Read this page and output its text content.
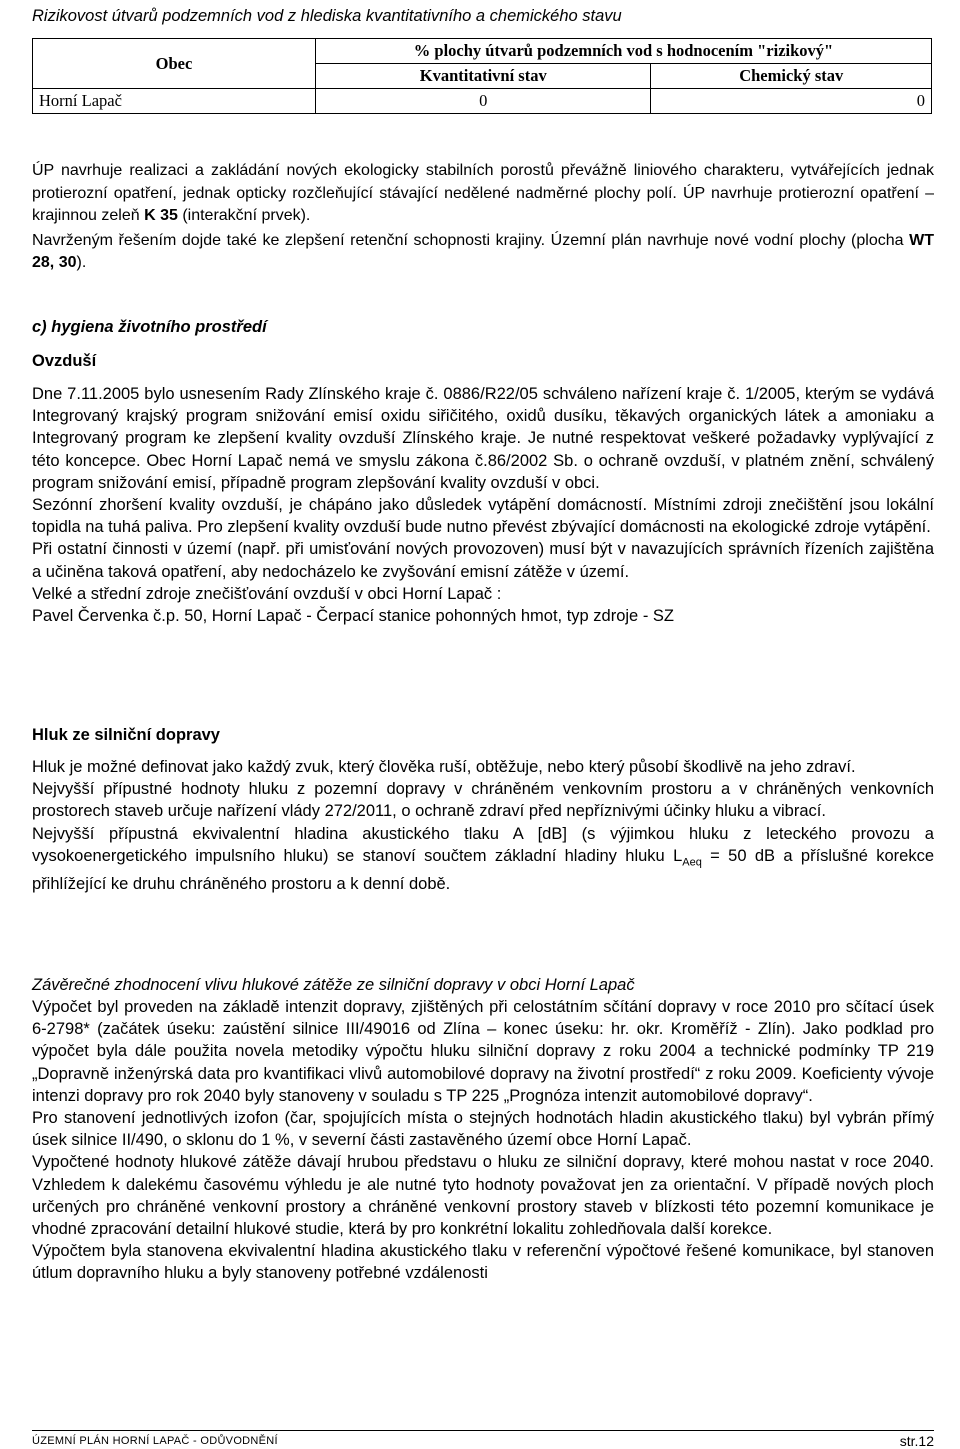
Rizikovost útvarů podzemních vod z hlediska kvantitativního a chemického stavu
Obec	% plochy útvarů podzemních vod s hodnocením "rizikový"	
	Kvantitativní stav	Chemický stav
Horní Lapač	0	0

ÚP navrhuje realizaci a zakládání nových ekologicky stabilních porostů převážně liniového charakteru, vytvářejících jednak protierozní opatření, jednak opticky rozčleňující stávající nedělené nadměrné plochy polí. ÚP navrhuje protierozní opatření – krajinnou zeleň K 35 (interakční prvek).

Navrženým řešením dojde také ke zlepšení retenční schopnosti krajiny. Územní plán navrhuje nové vodní plochy (plocha WT 28, 30).

c) hygiena životního prostředí

Ovzduší

Dne 7.11.2005 bylo usnesením Rady Zlínského kraje č. 0886/R22/05 schváleno nařízení kraje č. 1/2005, kterým se vydává Integrovaný krajský program snižování emisí oxidu siřičitého, oxidů dusíku, těkavých organických látek a amoniaku a Integrovaný program ke zlepšení kvality ovzduší Zlínského kraje. Je nutné respektovat veškeré požadavky vyplývající z této koncepce. Obec Horní Lapač nemá ve smyslu zákona č.86/2002 Sb. o ochraně ovzduší, v platném znění, schválený program snižování emisí, případně program zlepšování kvality ovzduší v obci.

Sezónní zhoršení kvality ovzduší, je chápáno jako důsledek vytápění domácností. Místními zdroji znečištění jsou lokální topidla na tuhá paliva. Pro zlepšení kvality ovzduší bude nutno převést zbývající domácnosti na ekologické zdroje vytápění.

Při ostatní činnosti v území (např. při umisťování nových provozoven) musí být v navazujících správních řízeních zajištěna a učiněna taková opatření, aby nedocházelo ke zvyšování emisní zátěže v území.

Velké a střední zdroje znečišťování ovzduší v obci Horní Lapač :

Pavel Červenka č.p. 50, Horní Lapač - Čerpací stanice pohonných hmot, typ zdroje - SZ

Hluk ze silniční dopravy

Hluk je možné definovat jako každý zvuk, který člověka ruší, obtěžuje, nebo který působí škodlivě na jeho zdraví.

Nejvyšší přípustné hodnoty hluku z pozemní dopravy v chráněném venkovním prostoru a v chráněných venkovních prostorech staveb určuje nařízení vlády 272/2011, o ochraně zdraví před nepříznivými účinky hluku a vibrací.

Nejvyšší přípustná ekvivalentní hladina akustického tlaku A [dB] (s výjimkou hluku z leteckého provozu a vysokoenergetického impulsního hluku) se stanoví součtem základní hladiny hluku $L_{Aeq} = 50$ dB a příslušné korekce přihlížející ke druhu chráněného prostoru a k denní době.

Závěrečné zhodnocení vlivu hlukové zátěže ze silniční dopravy v obci Horní Lapač

Výpočet byl proveden na základě intenzit dopravy, zjištěných při celostátním sčítání dopravy v roce 2010 pro sčítací úsek 6-2798* (začátek úseku: zaústění silnice III/49016 od Zlína – konec úseku: hr. okr. Kroměříž - Zlín). Jako podklad pro výpočet byla dále použita novela metodiky výpočtu hluku silniční dopravy z roku 2004 a technické podmínky TP 219 „Dopravně inženýrská data pro kvantifikaci vlivů automobilové dopravy na životní prostředí“ z roku 2009. Koeficienty vývoje intenzi dopravy pro rok 2040 byly stanoveny v souladu s TP 225 „Prognóza intenzit automobilové dopravy“.

Pro stanovení jednotlivých izofon (čar, spojujících místa o stejných hodnotách hladin akustického tlaku) byl vybrán přímý úsek silnice II/490, o sklonu do 1 %, v severní části zastavěného území obce Horní Lapač.

Vypočtené hodnoty hlukové zátěže dávají hrubou představu o hluku ze silniční dopravy, které mohou nastat v roce 2040. Vzhledem k dalekému časovému výhledu je ale nutné tyto hodnoty považovat jen za orientační. V případě nových ploch určených pro chráněné venkovní prostory a chráněné venkovní prostory staveb v blízkosti této pozemní komunikace je vhodné zpracování detailní hlukové studie, která by pro konkrétní lokalitu zohledňovala další korekce.

Výpočtem byla stanovena ekvivalentní hladina akustického tlaku v referenční výpočtové řešené komunikace, byl stanoven útlum dopravního hluku a byly stanoveny potřebné vzdálenosti

ÚZEMNÍ PLÁN HORNÍ LAPAČ - ODŮVODNĚNÍ	str.12
